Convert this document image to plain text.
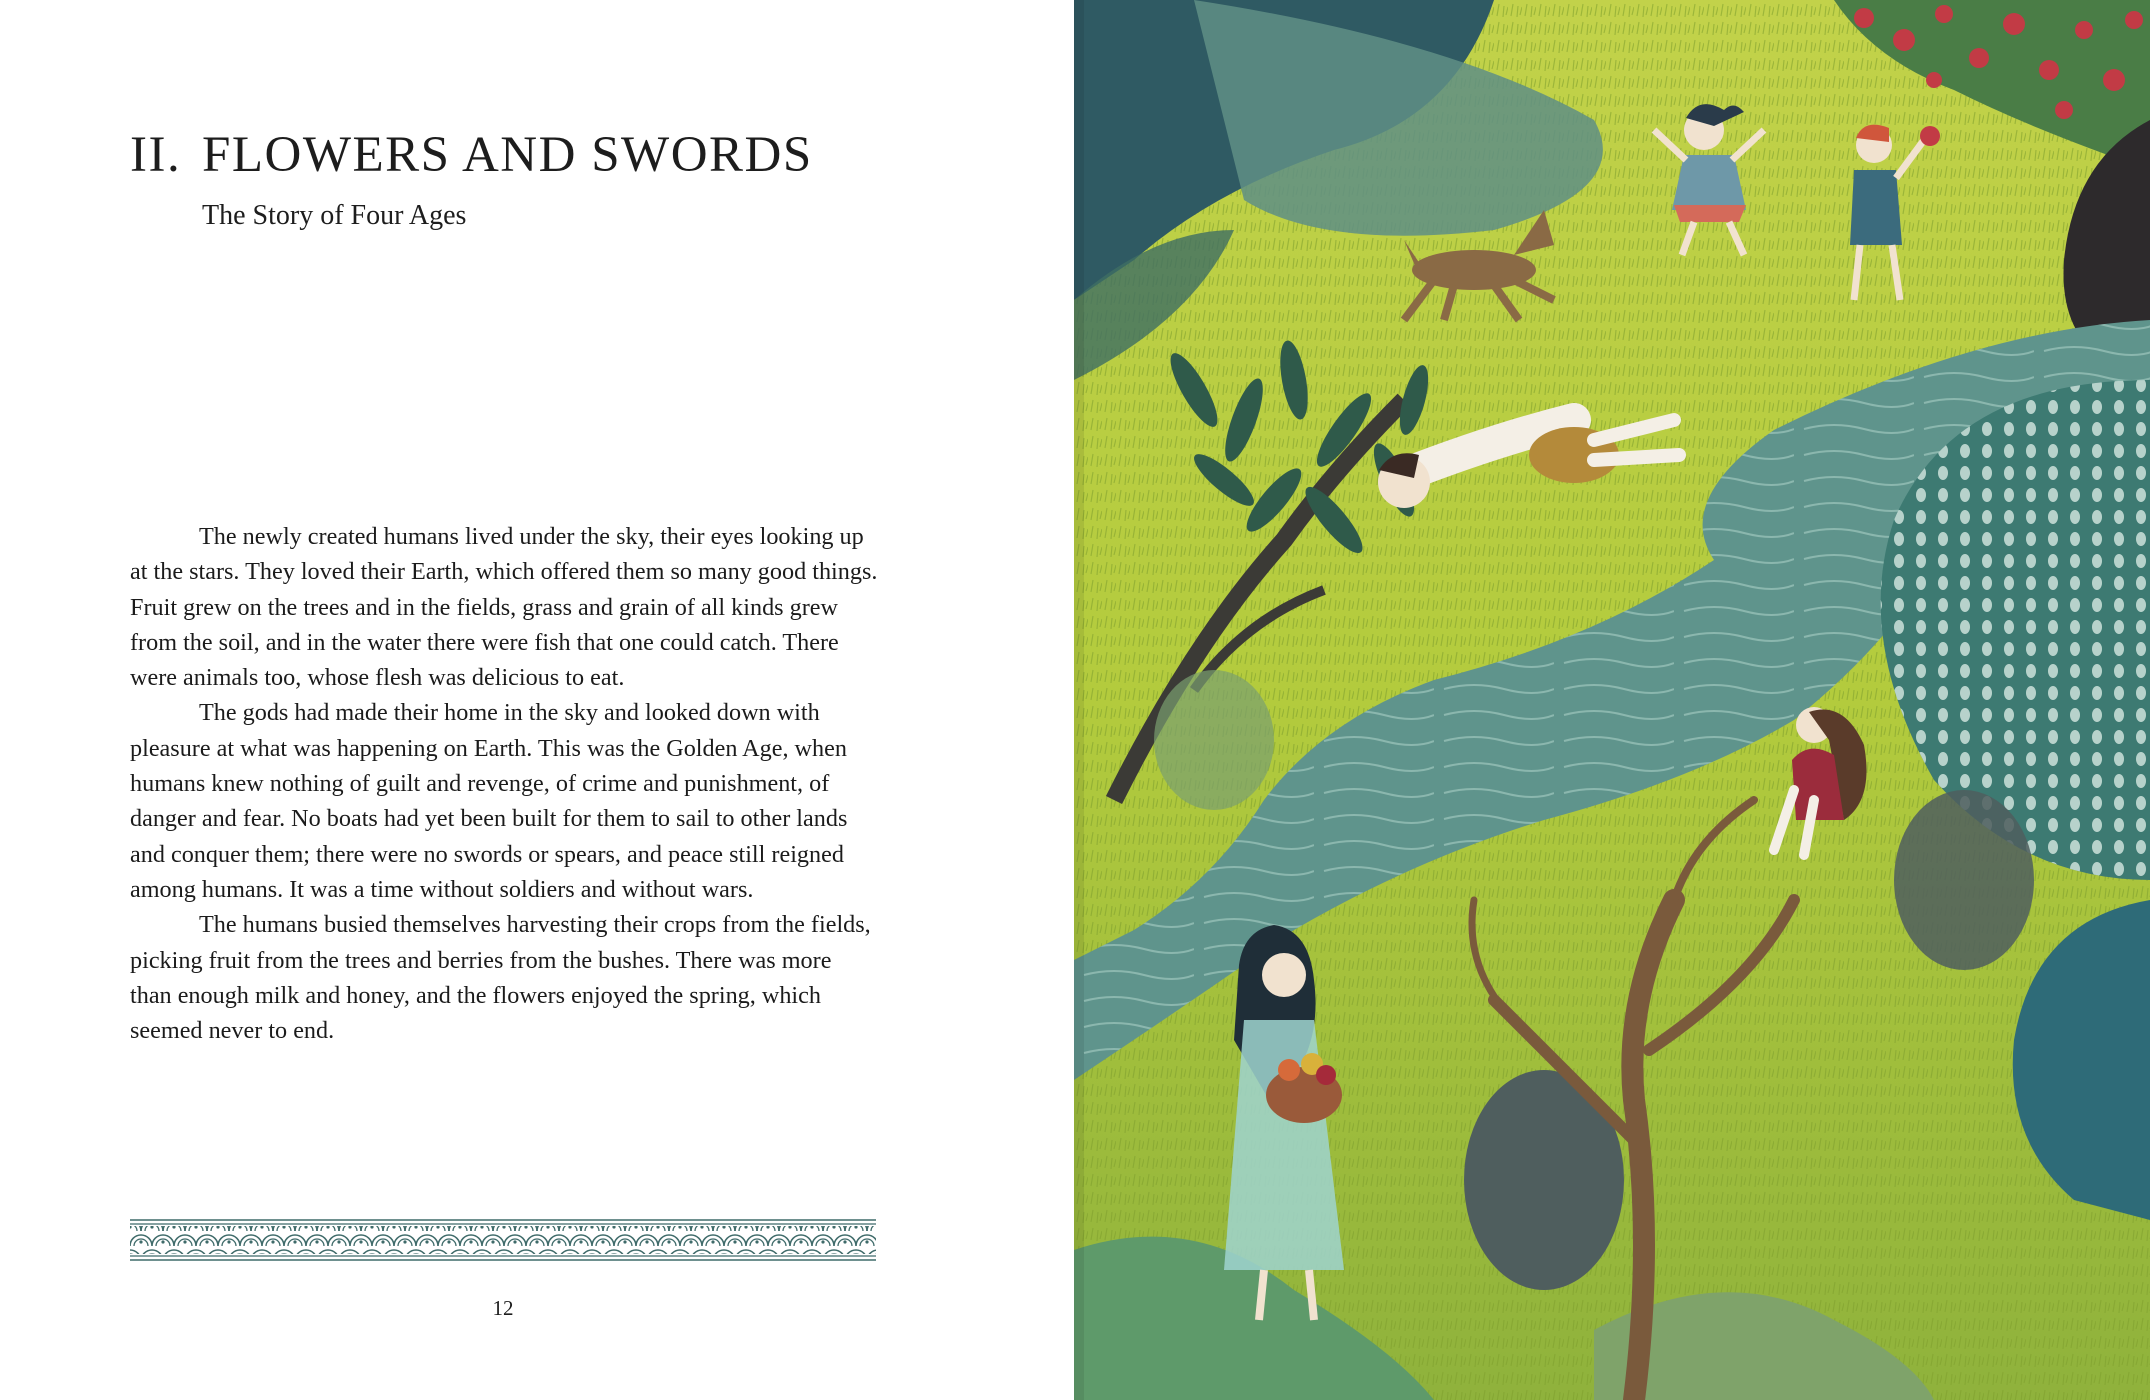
II. FLOWERS AND SWORDS
The Story of Four Ages

The newly created humans lived under the sky, their eyes looking up at the stars. They loved their Earth, which offered them so many good things. Fruit grew on the trees and in the fields, grass and grain of all kinds grew from the soil, and in the water there were fish that one could catch. There were animals too, whose flesh was delicious to eat.

The gods had made their home in the sky and looked down with pleasure at what was happening on Earth. This was the Golden Age, when humans knew nothing of guilt and revenge, of crime and punishment, of danger and fear. No boats had yet been built for them to sail to other lands and conquer them; there were no swords or spears, and peace still reigned among humans. It was a time without soldiers and without wars.

The humans busied themselves harvesting their crops from the fields, picking fruit from the trees and berries from the bushes. There was more than enough milk and honey, and the flowers enjoyed the spring, which seemed never to end.

12
